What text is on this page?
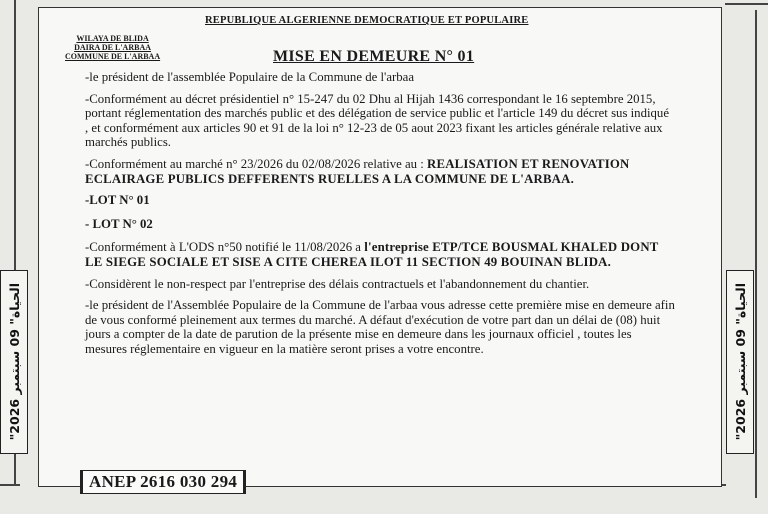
"الحياة" 09 سبتمبر 2026
"الحياة" 09 سبتمبر 2026
REPUBLIQUE ALGERIENNE DEMOCRATIQUE ET POPULAIRE
WILAYA DE BLIDA
DAIRA DE L'ARBAA
COMMUNE DE L'ARBAA	MISE EN DEMEURE N° 01

-le président de l'assemblée Populaire de la Commune de l'arbaa

-Conformément au décret présidentiel n° 15-247 du 02 Dhu al Hijah 1436 correspondant le 16 septembre 2015, portant réglementation des marchés public et des délégation de service public et l'article 149 du décret sus indiqué , et conformément aux articles 90 et 91 de la loi n° 12-23 de 05 aout 2023 fixant les articles générale relative aux marchés publics.

-Conformément au marché n° 23/2026 du 02/08/2026 relative au : REALISATION ET RENOVATION ECLAIRAGE PUBLICS DEFFERENTS RUELLES A LA COMMUNE DE L'ARBAA.

-LOT N° 01

- LOT N° 02

-Conformément à L'ODS n°50 notifié le 11/08/2026 a l'entreprise ETP/TCE BOUSMAL KHALED DONT LE SIEGE SOCIALE ET SISE A CITE CHEREA ILOT 11 SECTION 49 BOUINAN BLIDA.

-Considèrent le non-respect par l'entreprise des délais contractuels et l'abandonnement du chantier.

-le président de l'Assemblée Populaire de la Commune de l'arbaa vous adresse cette première mise en demeure afin de vous conformé pleinement aux termes du marché. A défaut d'exécution de votre part dan un délai de (08) huit jours a compter de la date de parution de la présente mise en demeure dans les journaux officiel , toutes les mesures réglementaire en vigueur en la matière seront prises a votre encontre.

ANEP 2616 030 294
